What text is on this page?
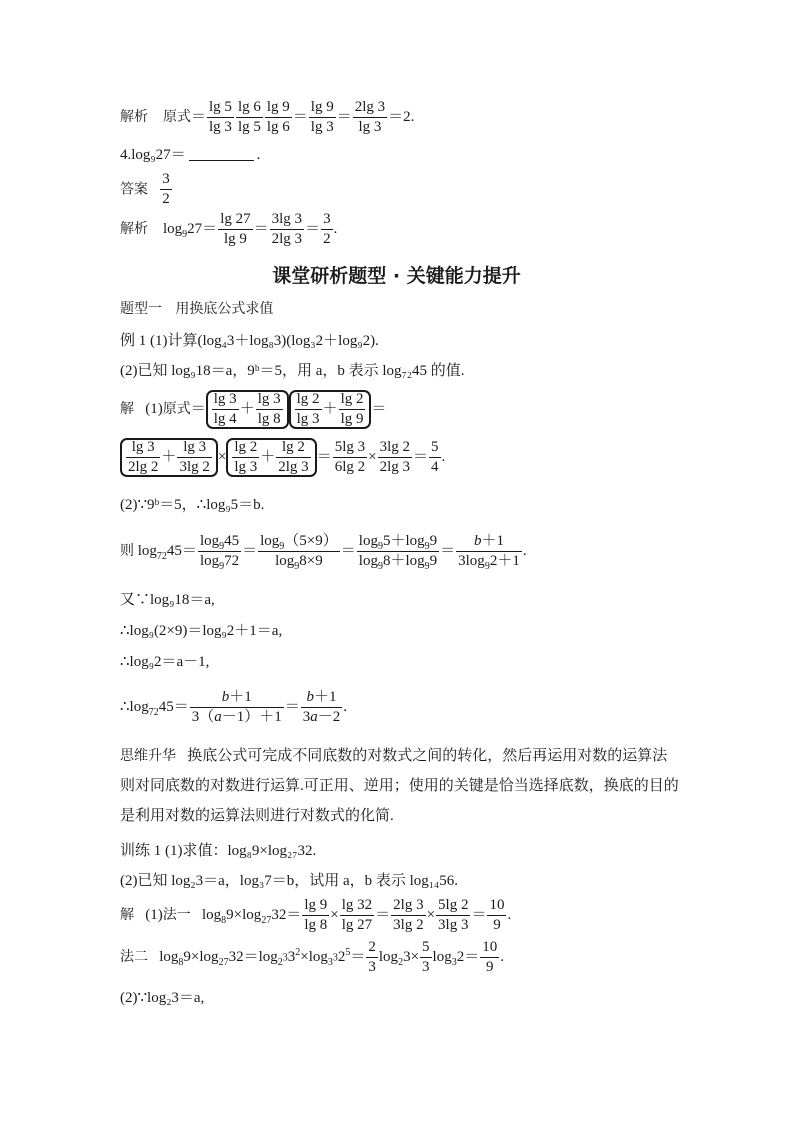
解析 原式＝ $\frac{\lg 5}{\lg 3} \frac{\lg 6}{\lg 5} \frac{\lg 9}{\lg 6} = \frac{\lg 9}{\lg 3} = \frac{2\lg 3}{\lg 3} =2$.
4.log₉27＝	.
答案 $\frac{3}{2}$
解析    $\log_927= \frac{\lg 27}{\lg 9} = \frac{3\lg 3}{2\lg 3} = \frac{3}{2}$ .
课堂研析题型 · 关键能力提升
题型一 用换底公式求值
例 1 (1)计算(log₄3＋log₈3)(log₃2＋log₉2).
(2)已知 log₉18＝a，9ᵇ＝5，用 a，b 表示 log₇₂45 的值.
解   (1)原式＝ $\frac{\lg 3}{\lg 4} + \frac{\lg 3}{\lg 8} \frac{\lg 2}{\lg 3} + \frac{\lg 2}{\lg 9}$ ＝
$\frac{\lg 3}{2\lg 2} + \frac{\lg 3}{3\lg 2} \times \frac{\lg 2}{\lg 3} + \frac{\lg 2}{2\lg 3} = \frac{5\lg 3}{6\lg 2} \times \frac{3\lg 2}{2\lg 3} = \frac{5}{4}$ .
(2)∵9ᵇ＝5，∴log₉5＝b.
则 $\log_{72}45= \frac{\log_945}{\log_972} = \frac{\log_9(5\times 9)}{\log_98\times 9} = \frac{\log_95+\log_99}{\log_98+\log_99} = \frac{b+1}{3\log_92+1}$ .
又∵log₉18＝a,
∴log₉(2×9)＝log₉2＋1＝a,
∴log₉2＝a－1,
$\therefore\log_{72}45= \frac{b+1}{3(a-1)+1} = \frac{b+1}{3a-2}$ .
思维升华 换底公式可完成不同底数的对数式之间的转化，然后再运用对数的运算法则对同底数的对数进行运算.可正用、逆用；使用的关键是恰当选择底数，换底的目的是利用对数的运算法则进行对数式的化简.
训练 1 (1)求值：log₈9×log₂₇32.
(2)已知 log₂3＝a，log₃7＝b，试用 a，b 表示 log₁₄56.
解   (1)法一   $\log_89\times\log_{27}32= \frac{\lg 9}{\lg 8} \times \frac{\lg 32}{\lg 27} = \frac{2\lg 3}{3\lg 2} \times \frac{5\lg 2}{3\lg 3} = \frac{10}{9}$ .
法二   $\log_89\times\log_{27}32=\log_{2^3}3^2\times\log_{3^3}2^5= \frac{2}{3} \log_23\times \frac{5}{3} \log_32= \frac{10}{9}$ .
(2)∵log₂3＝a,
